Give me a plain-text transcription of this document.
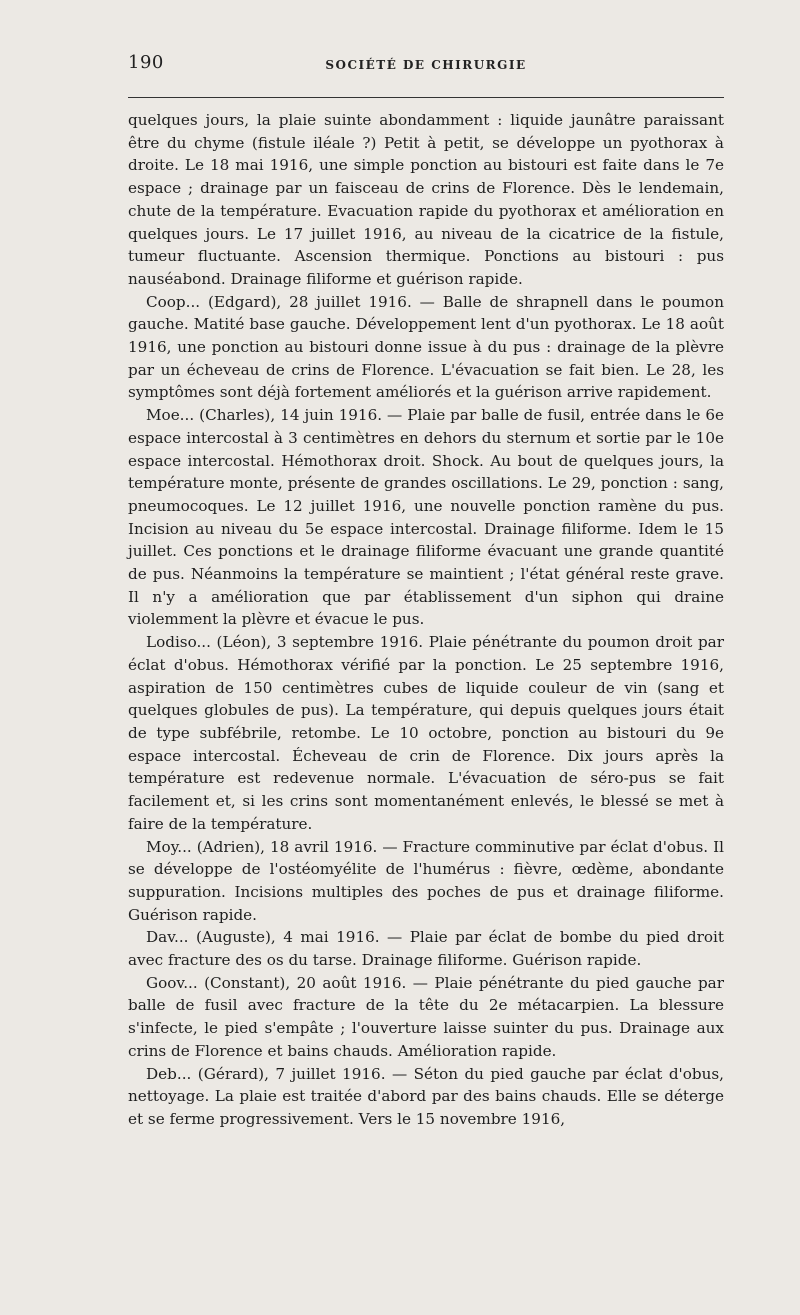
190	SOCIÉTÉ DE CHIRURGIE

quelques jours, la plaie suinte abondamment : liquide jaunâtre paraissant être du chyme (fistule iléale ?) Petit à petit, se développe un pyothorax à droite. Le 18 mai 1916, une simple ponction au bistouri est faite dans le 7e espace ; drainage par un faisceau de crins de Florence. Dès le lendemain, chute de la température. Evacuation rapide du pyothorax et amélioration en quelques jours. Le 17 juillet 1916, au niveau de la cicatrice de la fistule, tumeur fluctuante. Ascension thermique. Ponctions au bistouri : pus nauséabond. Drainage filiforme et guérison rapide.

Coop... (Edgard), 28 juillet 1916. — Balle de shrapnell dans le poumon gauche. Matité base gauche. Développement lent d'un pyothorax. Le 18 août 1916, une ponction au bistouri donne issue à du pus : drainage de la plèvre par un écheveau de crins de Florence. L'évacuation se fait bien. Le 28, les symptômes sont déjà fortement améliorés et la guérison arrive rapidement.

Moe... (Charles), 14 juin 1916. — Plaie par balle de fusil, entrée dans le 6e espace intercostal à 3 centimètres en dehors du sternum et sortie par le 10e espace intercostal. Hémothorax droit. Shock. Au bout de quelques jours, la température monte, présente de grandes oscillations. Le 29, ponction : sang, pneumocoques. Le 12 juillet 1916, une nouvelle ponction ramène du pus. Incision au niveau du 5e espace intercostal. Drainage filiforme. Idem le 15 juillet. Ces ponctions et le drainage filiforme évacuant une grande quantité de pus. Néanmoins la température se maintient ; l'état général reste grave. Il n'y a amélioration que par établissement d'un siphon qui draine violemment la plèvre et évacue le pus.

Lodiso... (Léon), 3 septembre 1916. Plaie pénétrante du poumon droit par éclat d'obus. Hémothorax vérifié par la ponction. Le 25 septembre 1916, aspiration de 150 centimètres cubes de liquide couleur de vin (sang et quelques globules de pus). La température, qui depuis quelques jours était de type subfébrile, retombe. Le 10 octobre, ponction au bistouri du 9e espace intercostal. Écheveau de crin de Florence. Dix jours après la température est redevenue normale. L'évacuation de séro-pus se fait facilement et, si les crins sont momentanément enlevés, le blessé se met à faire de la température.

Moy... (Adrien), 18 avril 1916. — Fracture comminutive par éclat d'obus. Il se développe de l'ostéomyélite de l'humérus : fièvre, œdème, abondante suppuration. Incisions multiples des poches de pus et drainage filiforme. Guérison rapide.

Dav... (Auguste), 4 mai 1916. — Plaie par éclat de bombe du pied droit avec fracture des os du tarse. Drainage filiforme. Guérison rapide.

Goov... (Constant), 20 août 1916. — Plaie pénétrante du pied gauche par balle de fusil avec fracture de la tête du 2e métacarpien. La blessure s'infecte, le pied s'empâte ; l'ouverture laisse suinter du pus. Drainage aux crins de Florence et bains chauds. Amélioration rapide.

Deb... (Gérard), 7 juillet 1916. — Séton du pied gauche par éclat d'obus, nettoyage. La plaie est traitée d'abord par des bains chauds. Elle se déterge et se ferme progressivement. Vers le 15 novembre 1916,
